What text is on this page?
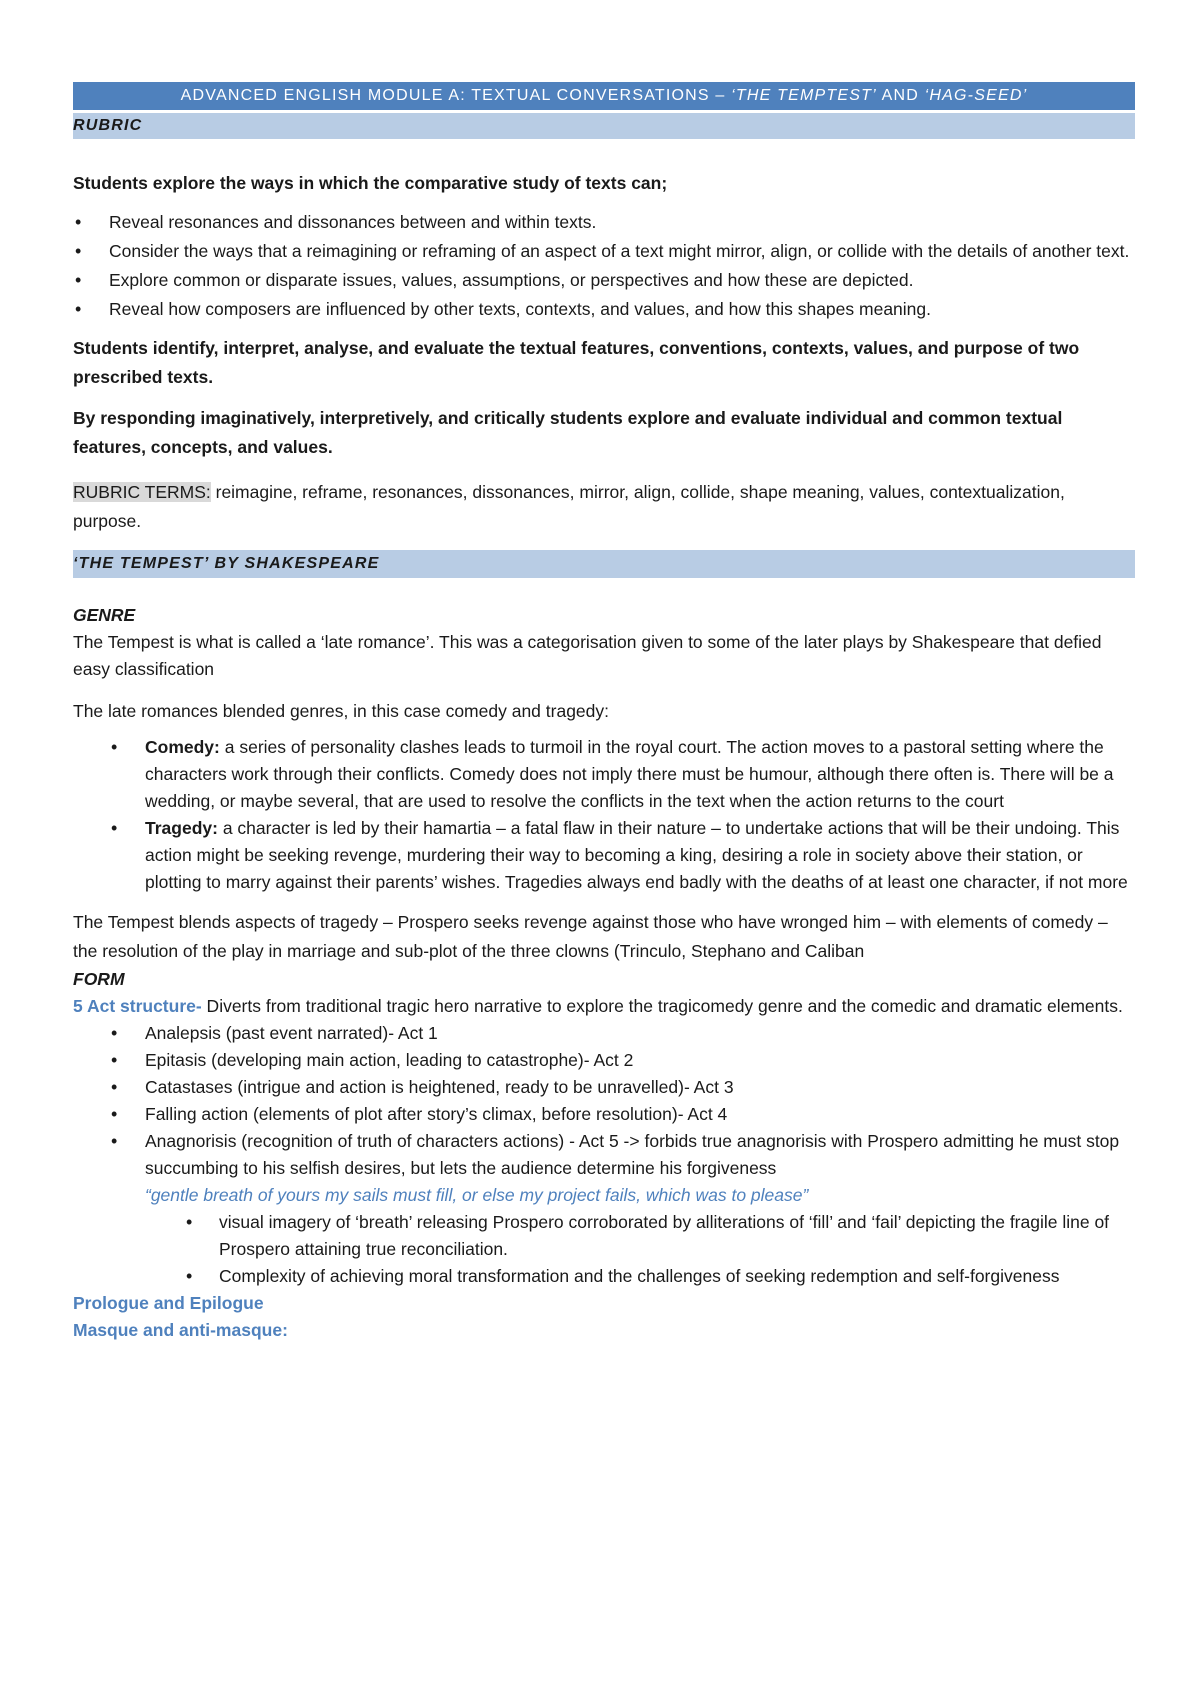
ADVANCED ENGLISH MODULE A: TEXTUAL CONVERSATIONS – ‘THE TEMPTEST’ AND ‘HAG-SEED’
RUBRIC

Students explore the ways in which the comparative study of texts can;

• Reveal resonances and dissonances between and within texts.
• Consider the ways that a reimagining or reframing of an aspect of a text might mirror, align, or collide with the details of another text.
• Explore common or disparate issues, values, assumptions, or perspectives and how these are depicted.
• Reveal how composers are influenced by other texts, contexts, and values, and how this shapes meaning.

Students identify, interpret, analyse, and evaluate the textual features, conventions, contexts, values, and purpose of two prescribed texts.

By responding imaginatively, interpretively, and critically students explore and evaluate individual and common textual features, concepts, and values.

RUBRIC TERMS: reimagine, reframe, resonances, dissonances, mirror, align, collide, shape meaning, values, contextualization, purpose.

‘THE TEMPEST’ BY SHAKESPEARE

GENRE

The Tempest is what is called a ‘late romance’. This was a categorisation given to some of the later plays by Shakespeare that defied easy classification

The late romances blended genres, in this case comedy and tragedy:

• Comedy: a series of personality clashes leads to turmoil in the royal court. The action moves to a pastoral setting where the characters work through their conflicts. Comedy does not imply there must be humour, although there often is. There will be a wedding, or maybe several, that are used to resolve the conflicts in the text when the action returns to the court
• Tragedy: a character is led by their hamartia – a fatal flaw in their nature – to undertake actions that will be their undoing. This action might be seeking revenge, murdering their way to becoming a king, desiring a role in society above their station, or plotting to marry against their parents’ wishes. Tragedies always end badly with the deaths of at least one character, if not more

The Tempest blends aspects of tragedy – Prospero seeks revenge against those who have wronged him – with elements of comedy – the resolution of the play in marriage and sub-plot of the three clowns (Trinculo, Stephano and Caliban

FORM

5 Act structure- Diverts from traditional tragic hero narrative to explore the tragicomedy genre and the comedic and dramatic elements.

• Analepsis (past event narrated)- Act 1
• Epitasis (developing main action, leading to catastrophe)- Act 2
• Catastases (intrigue and action is heightened, ready to be unravelled)- Act 3
• Falling action (elements of plot after story’s climax, before resolution)- Act 4
• Anagnorisis (recognition of truth of characters actions) - Act 5 -> forbids true anagnorisis with Prospero admitting he must stop succumbing to his selfish desires, but lets the audience determine his forgiveness

“gentle breath of yours my sails must fill, or else my project fails, which was to please”

• visual imagery of ‘breath’ releasing Prospero corroborated by alliterations of ‘fill’ and ‘fail’ depicting the fragile line of Prospero attaining true reconciliation.
• Complexity of achieving moral transformation and the challenges of seeking redemption and self-forgiveness

Prologue and Epilogue

Masque and anti-masque:
